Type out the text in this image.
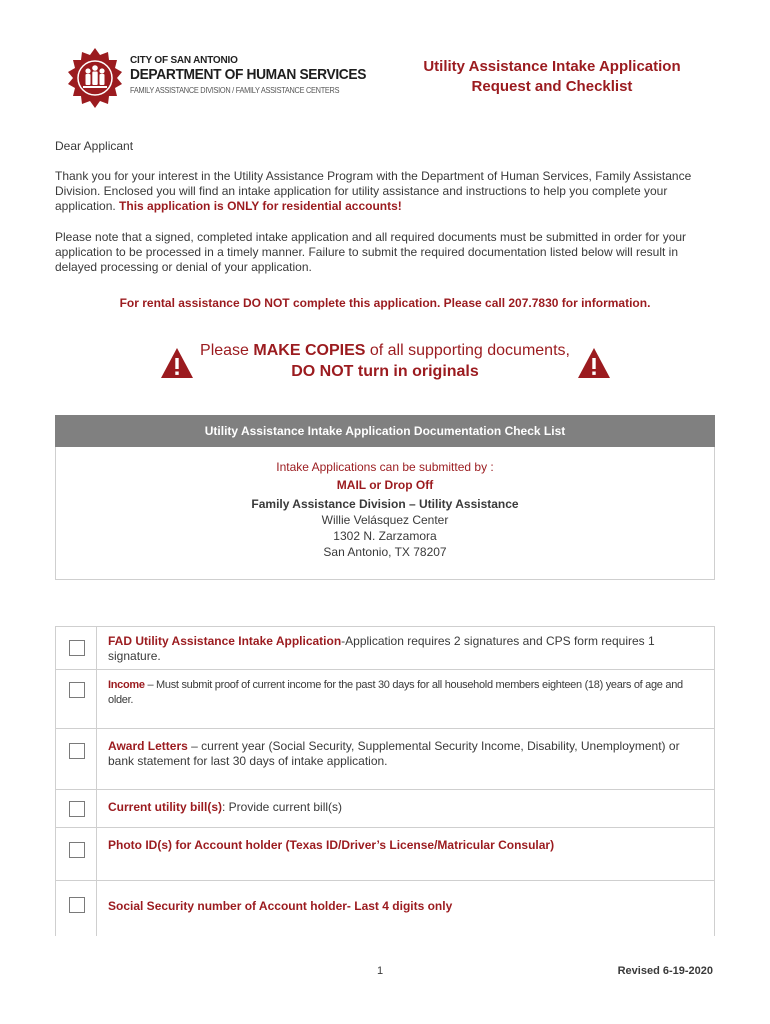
CITY OF SAN ANTONIO
DEPARTMENT OF HUMAN SERVICES
FAMILY ASSISTANCE DIVISION / FAMILY ASSISTANCE CENTERS
Utility Assistance Intake Application
Request and Checklist
Dear Applicant
Thank you for your interest in the Utility Assistance Program with the Department of Human Services, Family Assistance Division. Enclosed you will find an intake application for utility assistance and instructions to help you complete your application. This application is ONLY for residential accounts!
Please note that a signed, completed intake application and all required documents must be submitted in order for your application to be processed in a timely manner. Failure to submit the required documentation listed below will result in delayed processing or denial of your application.
For rental assistance DO NOT complete this application. Please call 207.7830 for information.
Please MAKE COPIES of all supporting documents,
DO NOT turn in originals
Utility Assistance Intake Application Documentation Check List
Intake Applications can be submitted by :
MAIL or Drop Off
Family Assistance Division – Utility Assistance
Willie Velásquez Center
1302 N. Zarzamora
San Antonio, TX 78207
FAD Utility Assistance Intake Application-Application requires 2 signatures and CPS form requires 1 signature.
Income – Must submit proof of current income for the past 30 days for all household members eighteen (18) years of age and older.
Award Letters – current year (Social Security, Supplemental Security Income, Disability, Unemployment) or bank statement for last 30 days of intake application.
Current utility bill(s): Provide current bill(s)
Photo ID(s) for Account holder (Texas ID/Driver’s License/Matricular Consular)
Social Security number of Account holder- Last 4 digits only
1	Revised 6-19-2020
